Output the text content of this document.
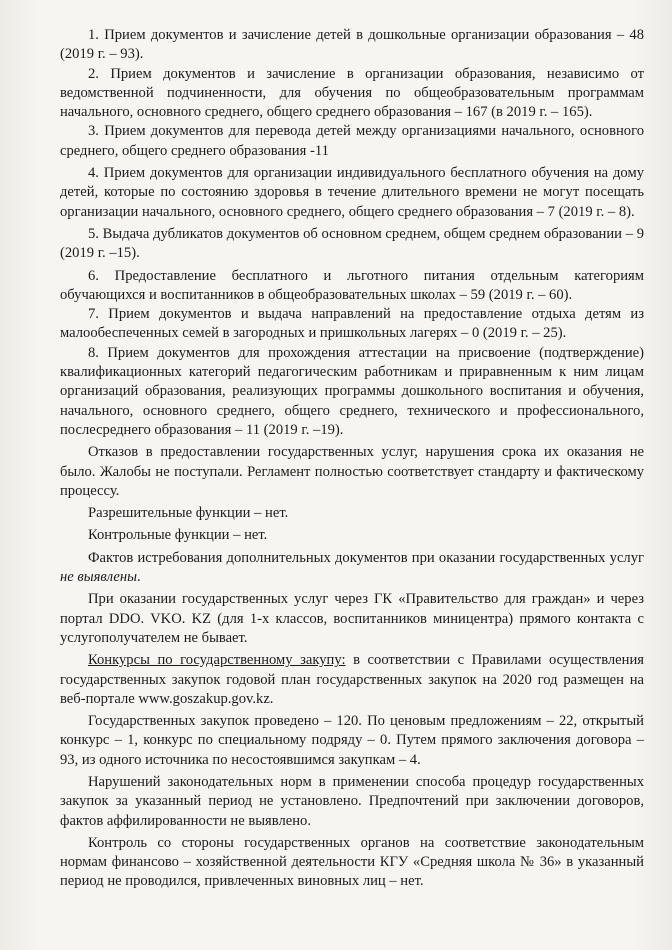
1. Прием документов и зачисление детей в дошкольные организации образования – 48 (2019 г. – 93).

2. Прием документов и зачисление в организации образования, независимо от ведомственной подчиненности, для обучения по общеобразовательным программам начального, основного среднего, общего среднего образования – 167 (в 2019 г. – 165).

3. Прием документов для перевода детей между организациями начального, основного среднего, общего среднего образования -11

4. Прием документов для организации индивидуального бесплатного обучения на дому детей, которые по состоянию здоровья в течение длительного времени не могут посещать организации начального, основного среднего, общего среднего образования – 7 (2019 г. – 8).

5. Выдача дубликатов документов об основном среднем, общем среднем образовании – 9 (2019 г. –15).

6. Предоставление бесплатного и льготного питания отдельным категориям обучающихся и воспитанников в общеобразовательных школах – 59 (2019 г. – 60).

7. Прием документов и выдача направлений на предоставление отдыха детям из малообеспеченных семей в загородных и пришкольных лагерях – 0 (2019 г. – 25).

8. Прием документов для прохождения аттестации на присвоение (подтверждение) квалификационных категорий педагогическим работникам и приравненным к ним лицам организаций образования, реализующих программы дошкольного воспитания и обучения, начального, основного среднего, общего среднего, технического и профессионального, послесреднего образования – 11 (2019 г. –19).

Отказов в предоставлении государственных услуг, нарушения срока их оказания не было. Жалобы не поступали. Регламент полностью соответствует стандарту и фактическому процессу.

Разрешительные функции – нет.

Контрольные функции – нет.

Фактов истребования дополнительных документов при оказании государственных услуг не выявлены.

При оказании государственных услуг через ГК «Правительство для граждан» и через портал DDO. VKO. KZ (для 1-х классов, воспитанников миницентра) прямого контакта с услугополучателем не бывает.

Конкурсы по государственному закупу: в соответствии с Правилами осуществления государственных закупок годовой план государственных закупок на 2020 год размещен на веб-портале www.goszakup.gov.kz.

Государственных закупок проведено – 120. По ценовым предложениям – 22, открытый конкурс – 1, конкурс по специальному подряду – 0. Путем прямого заключения договора – 93, из одного источника по несостоявшимся закупкам – 4.

Нарушений законодательных норм в применении способа процедур государственных закупок за указанный период не установлено. Предпочтений при заключении договоров, фактов аффилированности не выявлено.

Контроль со стороны государственных органов на соответствие законодательным нормам финансово – хозяйственной деятельности КГУ «Средняя школа № 36» в указанный период не проводился, привлеченных виновных лиц – нет.
